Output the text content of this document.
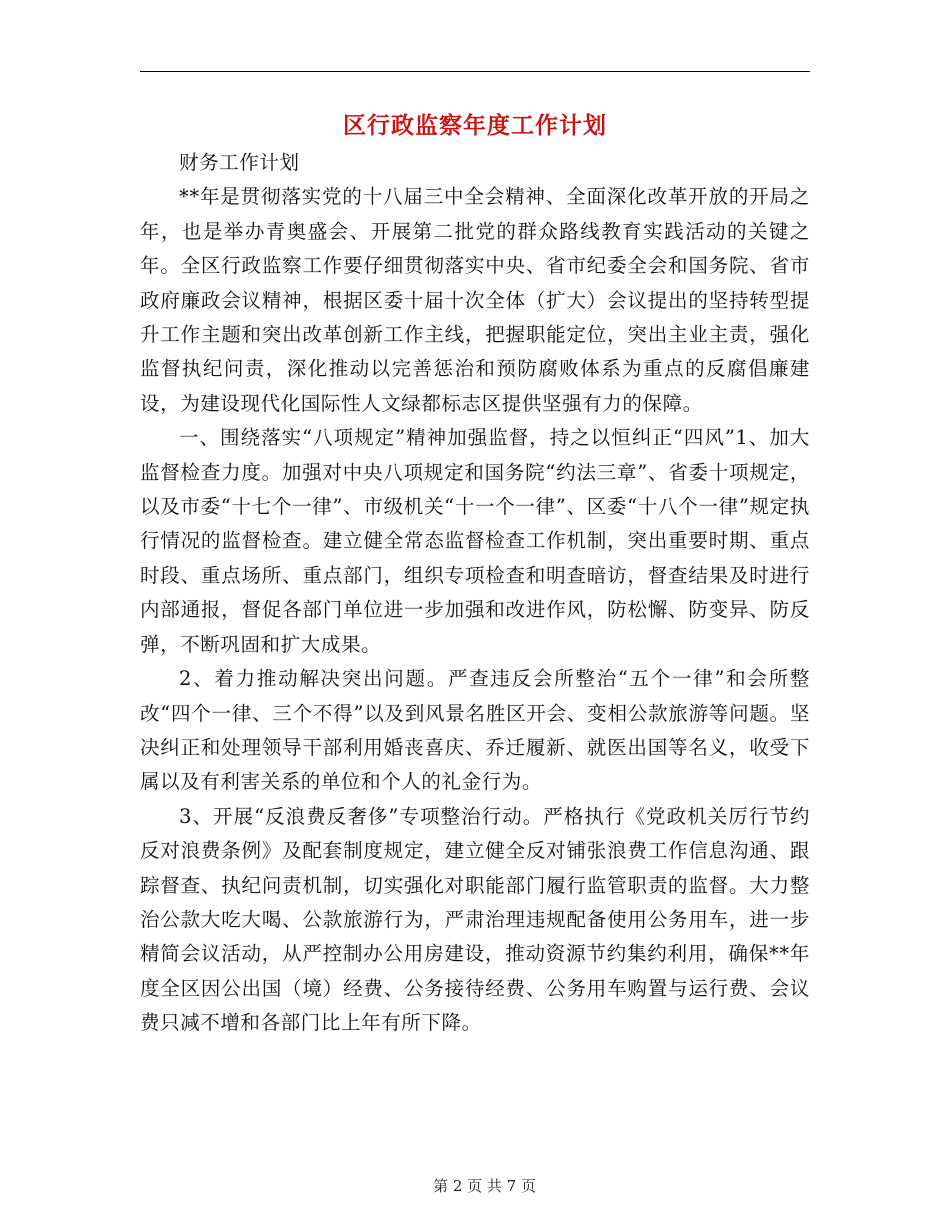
区行政监察年度工作计划

财务工作计划

**年是贯彻落实党的十八届三中全会精神、全面深化改革开放的开局之年，也是举办青奥盛会、开展第二批党的群众路线教育实践活动的关键之年。全区行政监察工作要仔细贯彻落实中央、省市纪委全会和国务院、省市政府廉政会议精神，根据区委十届十次全体（扩大）会议提出的坚持转型提升工作主题和突出改革创新工作主线，把握职能定位，突出主业主责，强化监督执纪问责，深化推动以完善惩治和预防腐败体系为重点的反腐倡廉建设，为建设现代化国际性人文绿都标志区提供坚强有力的保障。

一、围绕落实“八项规定”精神加强监督，持之以恒纠正“四风”1、加大监督检查力度。加强对中央八项规定和国务院“约法三章”、省委十项规定，以及市委“十七个一律”、市级机关“十一个一律”、区委“十八个一律”规定执行情况的监督检查。建立健全常态监督检查工作机制，突出重要时期、重点时段、重点场所、重点部门，组织专项检查和明查暗访，督查结果及时进行内部通报，督促各部门单位进一步加强和改进作风，防松懈、防变异、防反弹，不断巩固和扩大成果。

2、着力推动解决突出问题。严查违反会所整治“五个一律”和会所整改“四个一律、三个不得”以及到风景名胜区开会、变相公款旅游等问题。坚决纠正和处理领导干部利用婚丧喜庆、乔迁履新、就医出国等名义，收受下属以及有利害关系的单位和个人的礼金行为。

3、开展“反浪费反奢侈”专项整治行动。严格执行《党政机关厉行节约反对浪费条例》及配套制度规定，建立健全反对铺张浪费工作信息沟通、跟踪督查、执纪问责机制，切实强化对职能部门履行监管职责的监督。大力整治公款大吃大喝、公款旅游行为，严肃治理违规配备使用公务用车，进一步精简会议活动，从严控制办公用房建设，推动资源节约集约利用，确保**年度全区因公出国（境）经费、公务接待经费、公务用车购置与运行费、会议费只减不增和各部门比上年有所下降。

第 2 页 共 7 页
